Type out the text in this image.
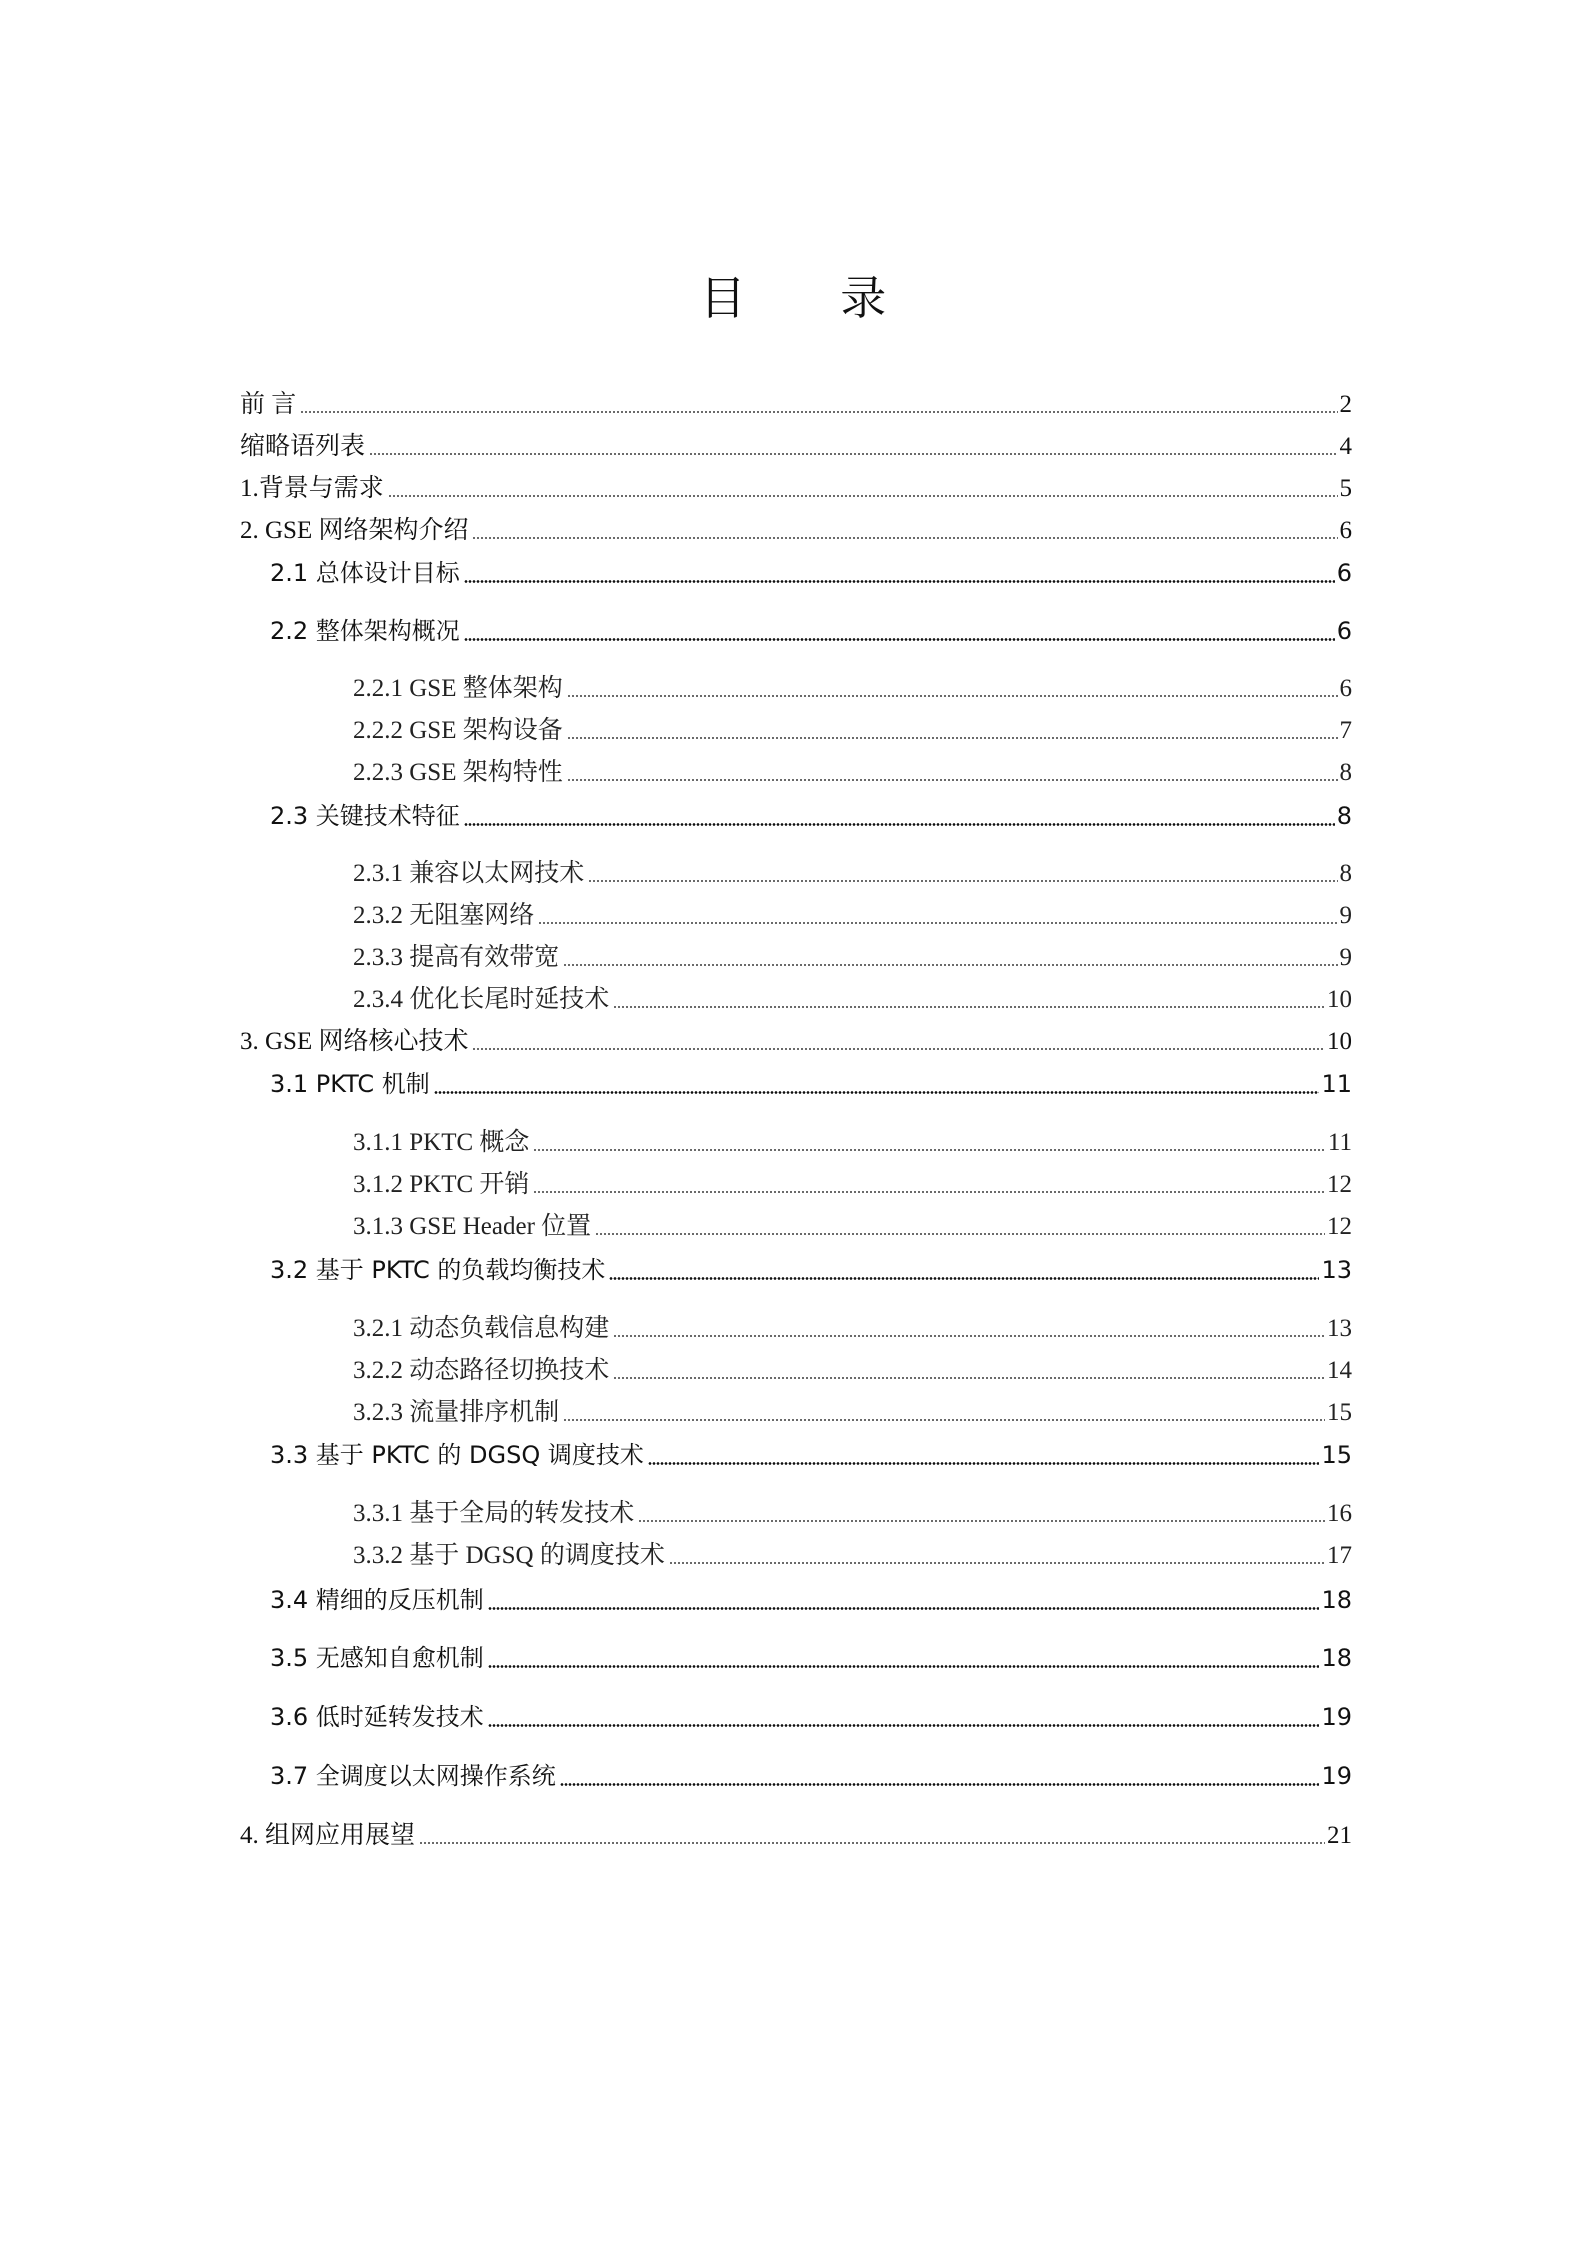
目 录
前 言	2
缩略语列表	4
1.背景与需求	5
2. GSE 网络架构介绍	6
2.1 总体设计目标	6
2.2 整体架构概况	6
2.2.1 GSE 整体架构	6
2.2.2 GSE 架构设备	7
2.2.3 GSE 架构特性	8
2.3 关键技术特征	8
2.3.1 兼容以太网技术	8
2.3.2 无阻塞网络	9
2.3.3 提高有效带宽	9
2.3.4 优化长尾时延技术	10
3. GSE 网络核心技术	10
3.1 PKTC 机制	11
3.1.1 PKTC 概念	11
3.1.2 PKTC 开销	12
3.1.3 GSE Header 位置	12
3.2 基于 PKTC 的负载均衡技术	13
3.2.1 动态负载信息构建	13
3.2.2 动态路径切换技术	14
3.2.3 流量排序机制	15
3.3 基于 PKTC 的 DGSQ 调度技术	15
3.3.1 基于全局的转发技术	16
3.3.2 基于 DGSQ 的调度技术	17
3.4 精细的反压机制	18
3.5 无感知自愈机制	18
3.6 低时延转发技术	19
3.7 全调度以太网操作系统	19
4. 组网应用展望	21
